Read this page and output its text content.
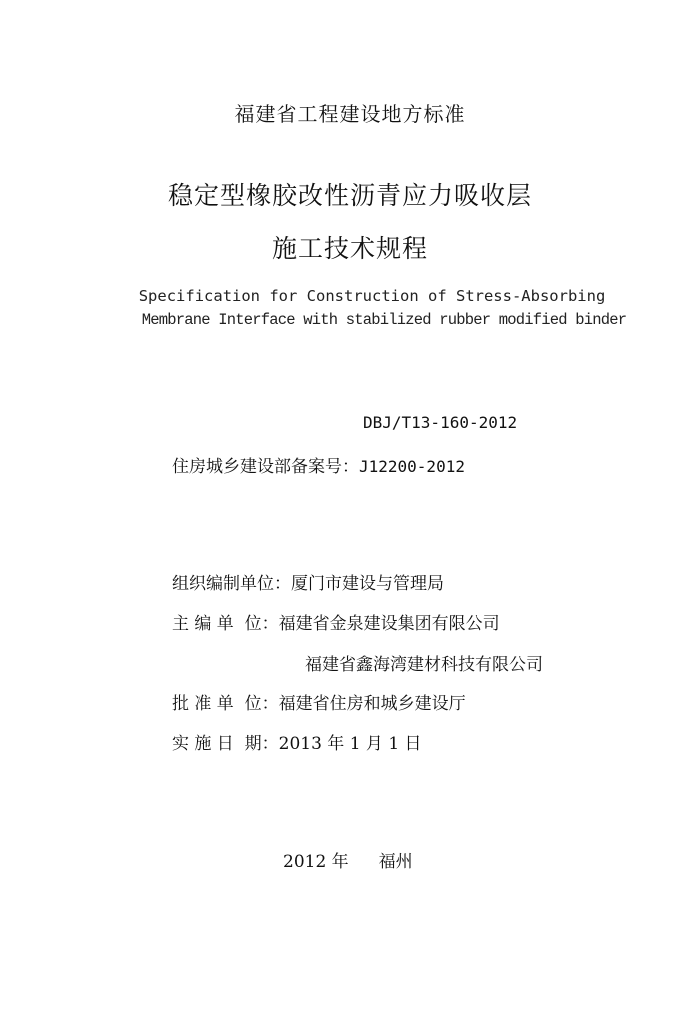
福建省工程建设地方标准
稳定型橡胶改性沥青应力吸收层
施工技术规程
Specification for Construction of Stress-Absorbing
Membrane Interface with stabilized rubber modified binder
DBJ/T13-160-2012
住房城乡建设部备案号：J12200-2012
组织编制单位：厦门市建设与管理局
主 编 单  位：福建省金泉建设集团有限公司
福建省鑫海湾建材科技有限公司
批 准 单  位：福建省住房和城乡建设厅
实 施 日  期：2013 年 1 月 1 日
2012 年 福州
